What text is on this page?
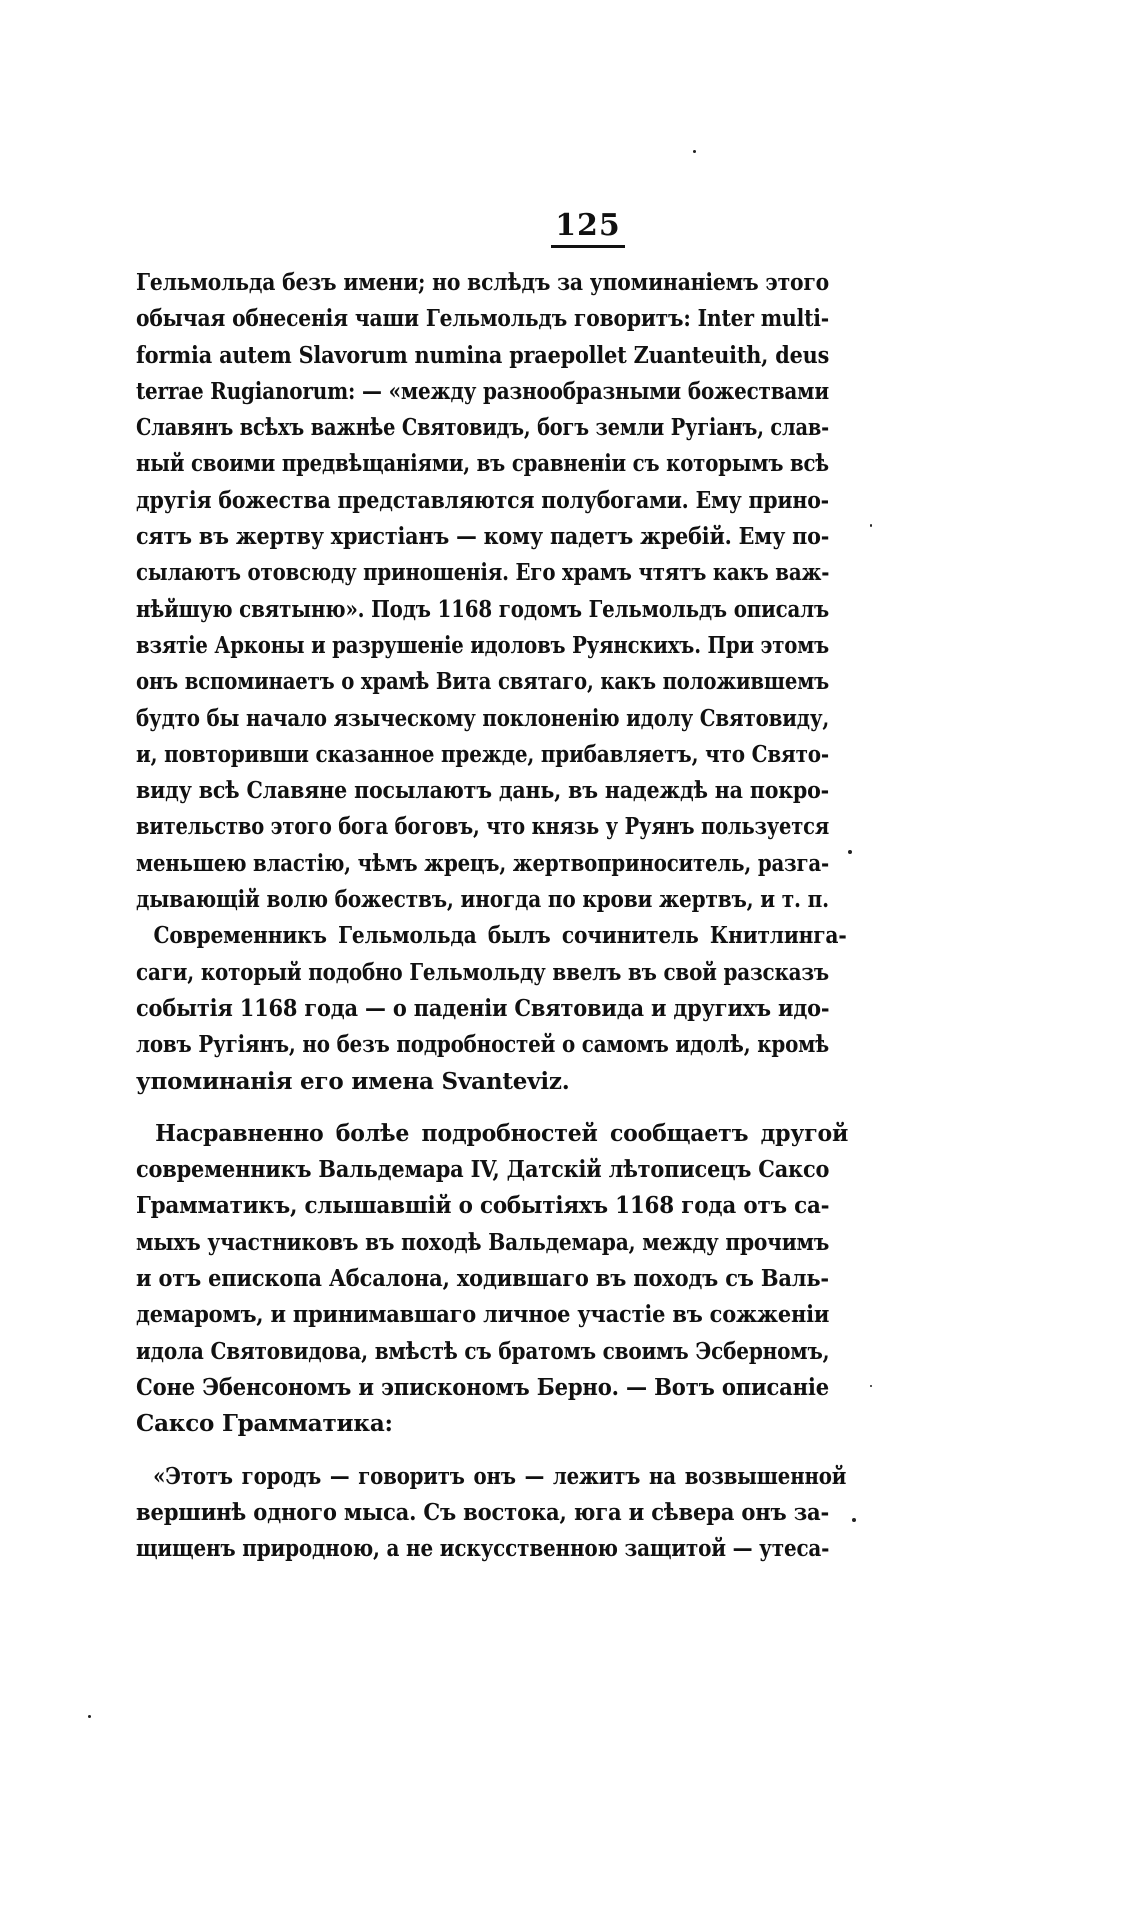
125
Гельмольда безъ имени; но вслѣдъ за упоминаніемъ этого
обычая обнесенія чаши Гельмольдъ говоритъ: Inter multi-
formia autem Slavorum numina praepollet Zuanteuith, deus
terrae Rugianorum: — «между разнообразными божествами
Славянъ всѣхъ важнѣе Святовидъ, богъ земли Ругіанъ, слав-
ный своими предвѣщаніями, въ сравненіи съ которымъ всѣ
другія божества представляются полубогами. Ему прино-
сятъ въ жертву христіанъ — кому падетъ жребій. Ему по-
сылаютъ отовсюду приношенія. Его храмъ чтятъ какъ важ-
нѣйшую святыню». Подъ 1168 годомъ Гельмольдъ описалъ
взятіе Арконы и разрушеніе идоловъ Руянскихъ. При этомъ
онъ вспоминаетъ о храмѣ Вита святаго, какъ положившемъ
будто бы начало языческому поклоненію идолу Святовиду,
и, повторивши сказанное прежде, прибавляетъ, что Свято-
виду всѣ Славяне посылаютъ дань, въ надеждѣ на покро-
вительство этого бога боговъ, что князь у Руянъ пользуется
меньшею властію, чѣмъ жрецъ, жертвоприноситель, разга-
дывающій волю божествъ, иногда по крови жертвъ, и т. п.
Современникъ Гельмольда былъ сочинитель Книтлинга-
саги, который подобно Гельмольду ввелъ въ свой разсказъ
событія 1168 года — о паденіи Святовида и другихъ идо-
ловъ Ругіянъ, но безъ подробностей о самомъ идолѣ, кромѣ
упоминанія его имена Svanteviz.
Насравненно болѣе подробностей сообщаетъ другой
современникъ Вальдемара IV, Датскій лѣтописецъ Саксо
Грамматикъ, слышавшій о событіяхъ 1168 года отъ са-
мыхъ участниковъ въ походѣ Вальдемара, между прочимъ
и отъ епископа Абсалона, ходившаго въ походъ съ Валь-
демаромъ, и принимавшаго личное участіе въ сожженіи
идола Святовидова, вмѣстѣ съ братомъ своимъ Эсберномъ,
Соне Эбенсономъ и эпискономъ Берно. — Вотъ описаніе
Саксо Грамматика:
«Этотъ городъ — говоритъ онъ — лежитъ на возвышенной
вершинѣ одного мыса. Съ востока, юга и сѣвера онъ за-
щищенъ природною, а не искусственною защитой — утеса-
